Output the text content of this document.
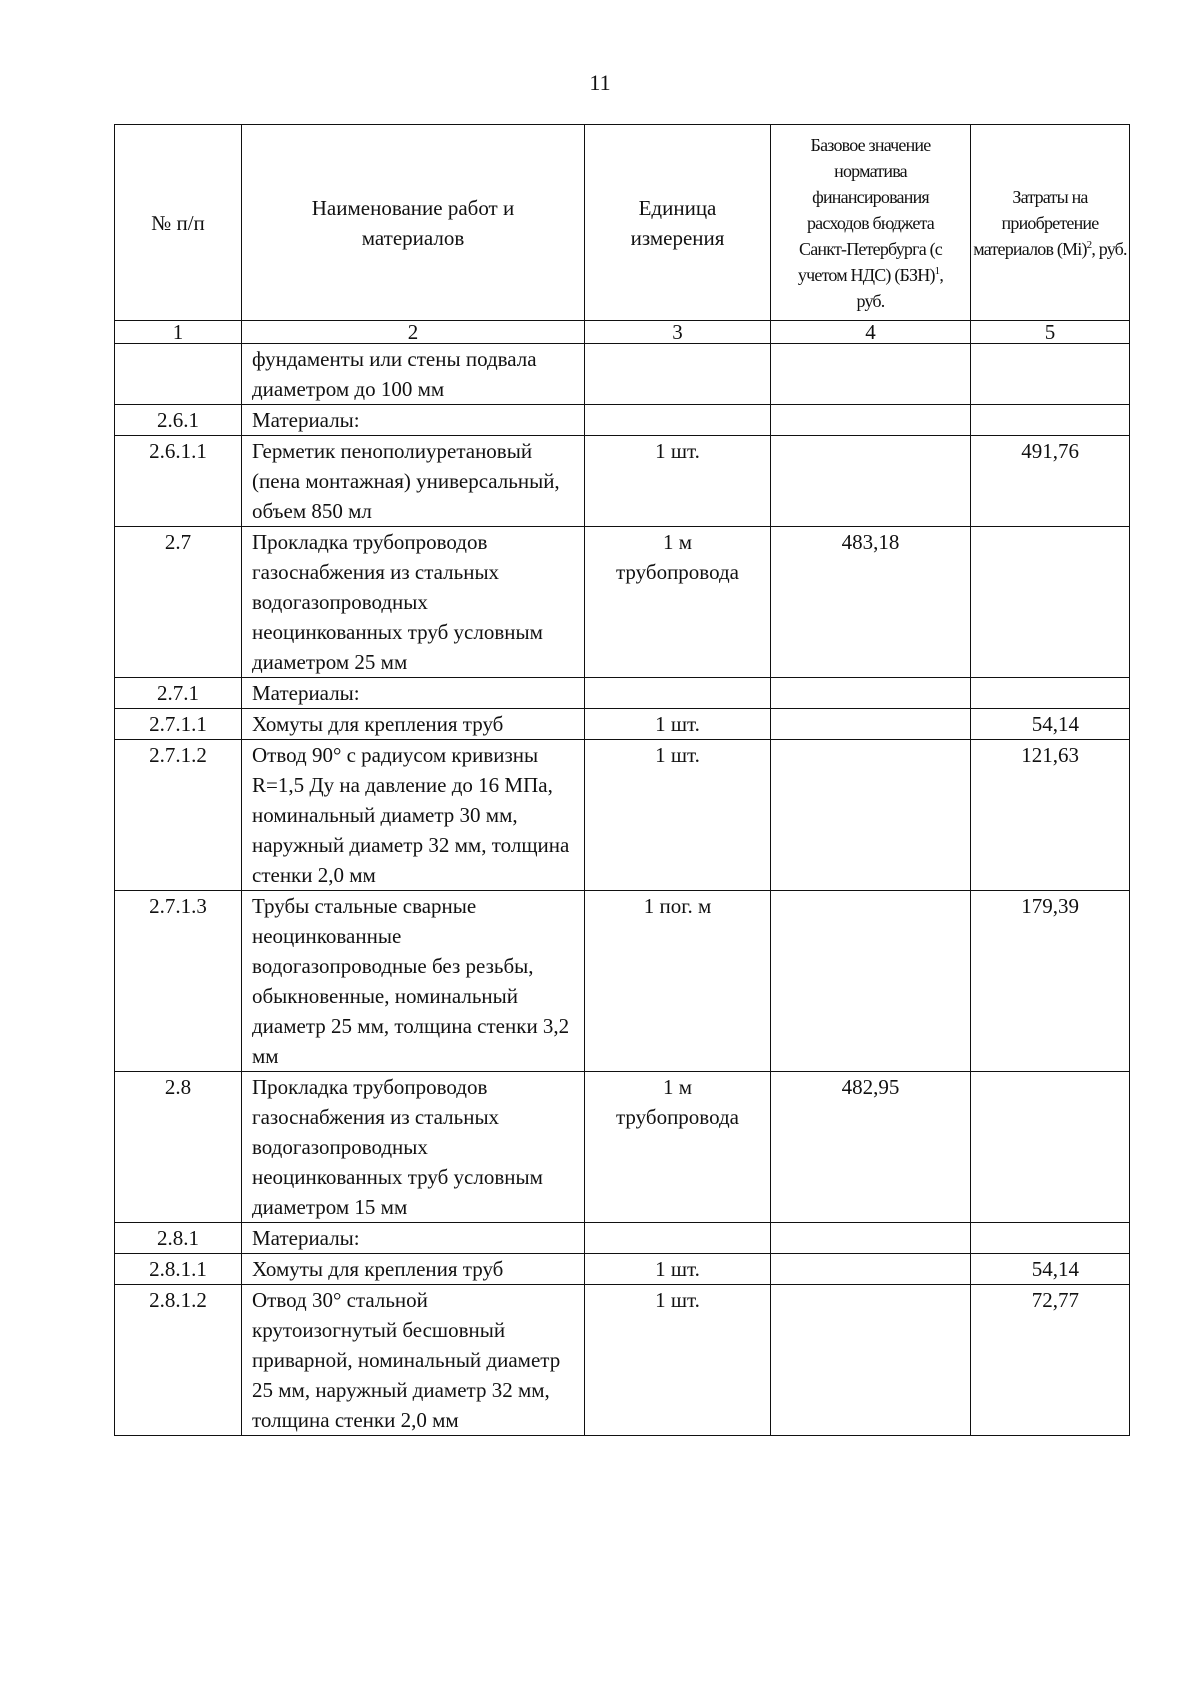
11
№ п/п	Наименование работ и материалов	Единица измерения	Базовое значение норматива финансирования расходов бюджета Санкт-Петербурга (с учетом НДС) (БЗН)$^1$, руб.	Затраты на приобретение материалов $(Mi)^2$, руб.
1	2	3	4	5
	фундаменты или стены подвала диаметром до 100 мм			
2.6.1	Материалы:			
2.6.1.1	Герметик пенополиуретановый (пена монтажная) универсальный, объем 850 мл	1 шт.		491,76
2.7	Прокладка трубопроводов газоснабжения из стальных водогазопроводных неоцинкованных труб условным диаметром 25 мм	1 м трубопровода	483,18	
2.7.1	Материалы:			
2.7.1.1	Хомуты для крепления труб	1 шт.		54,14
2.7.1.2	Отвод 90° с радиусом кривизны R=1,5 Ду на давление до 16 МПа, номинальный диаметр 30 мм, наружный диаметр 32 мм, толщина стенки 2,0 мм	1 шт.		121,63
2.7.1.3	Трубы стальные сварные неоцинкованные водогазопроводные без резьбы, обыкновенные, номинальный диаметр 25 мм, толщина стенки 3,2 мм	1 пог. м		179,39
2.8	Прокладка трубопроводов газоснабжения из стальных водогазопроводных неоцинкованных труб условным диаметром 15 мм	1 м трубопровода	482,95	
2.8.1	Материалы:			
2.8.1.1	Хомуты для крепления труб	1 шт.		54,14
2.8.1.2	Отвод 30° стальной крутоизогнутый бесшовный приварной, номинальный диаметр 25 мм, наружный диаметр 32 мм, толщина стенки 2,0 мм	1 шт.		72,77
